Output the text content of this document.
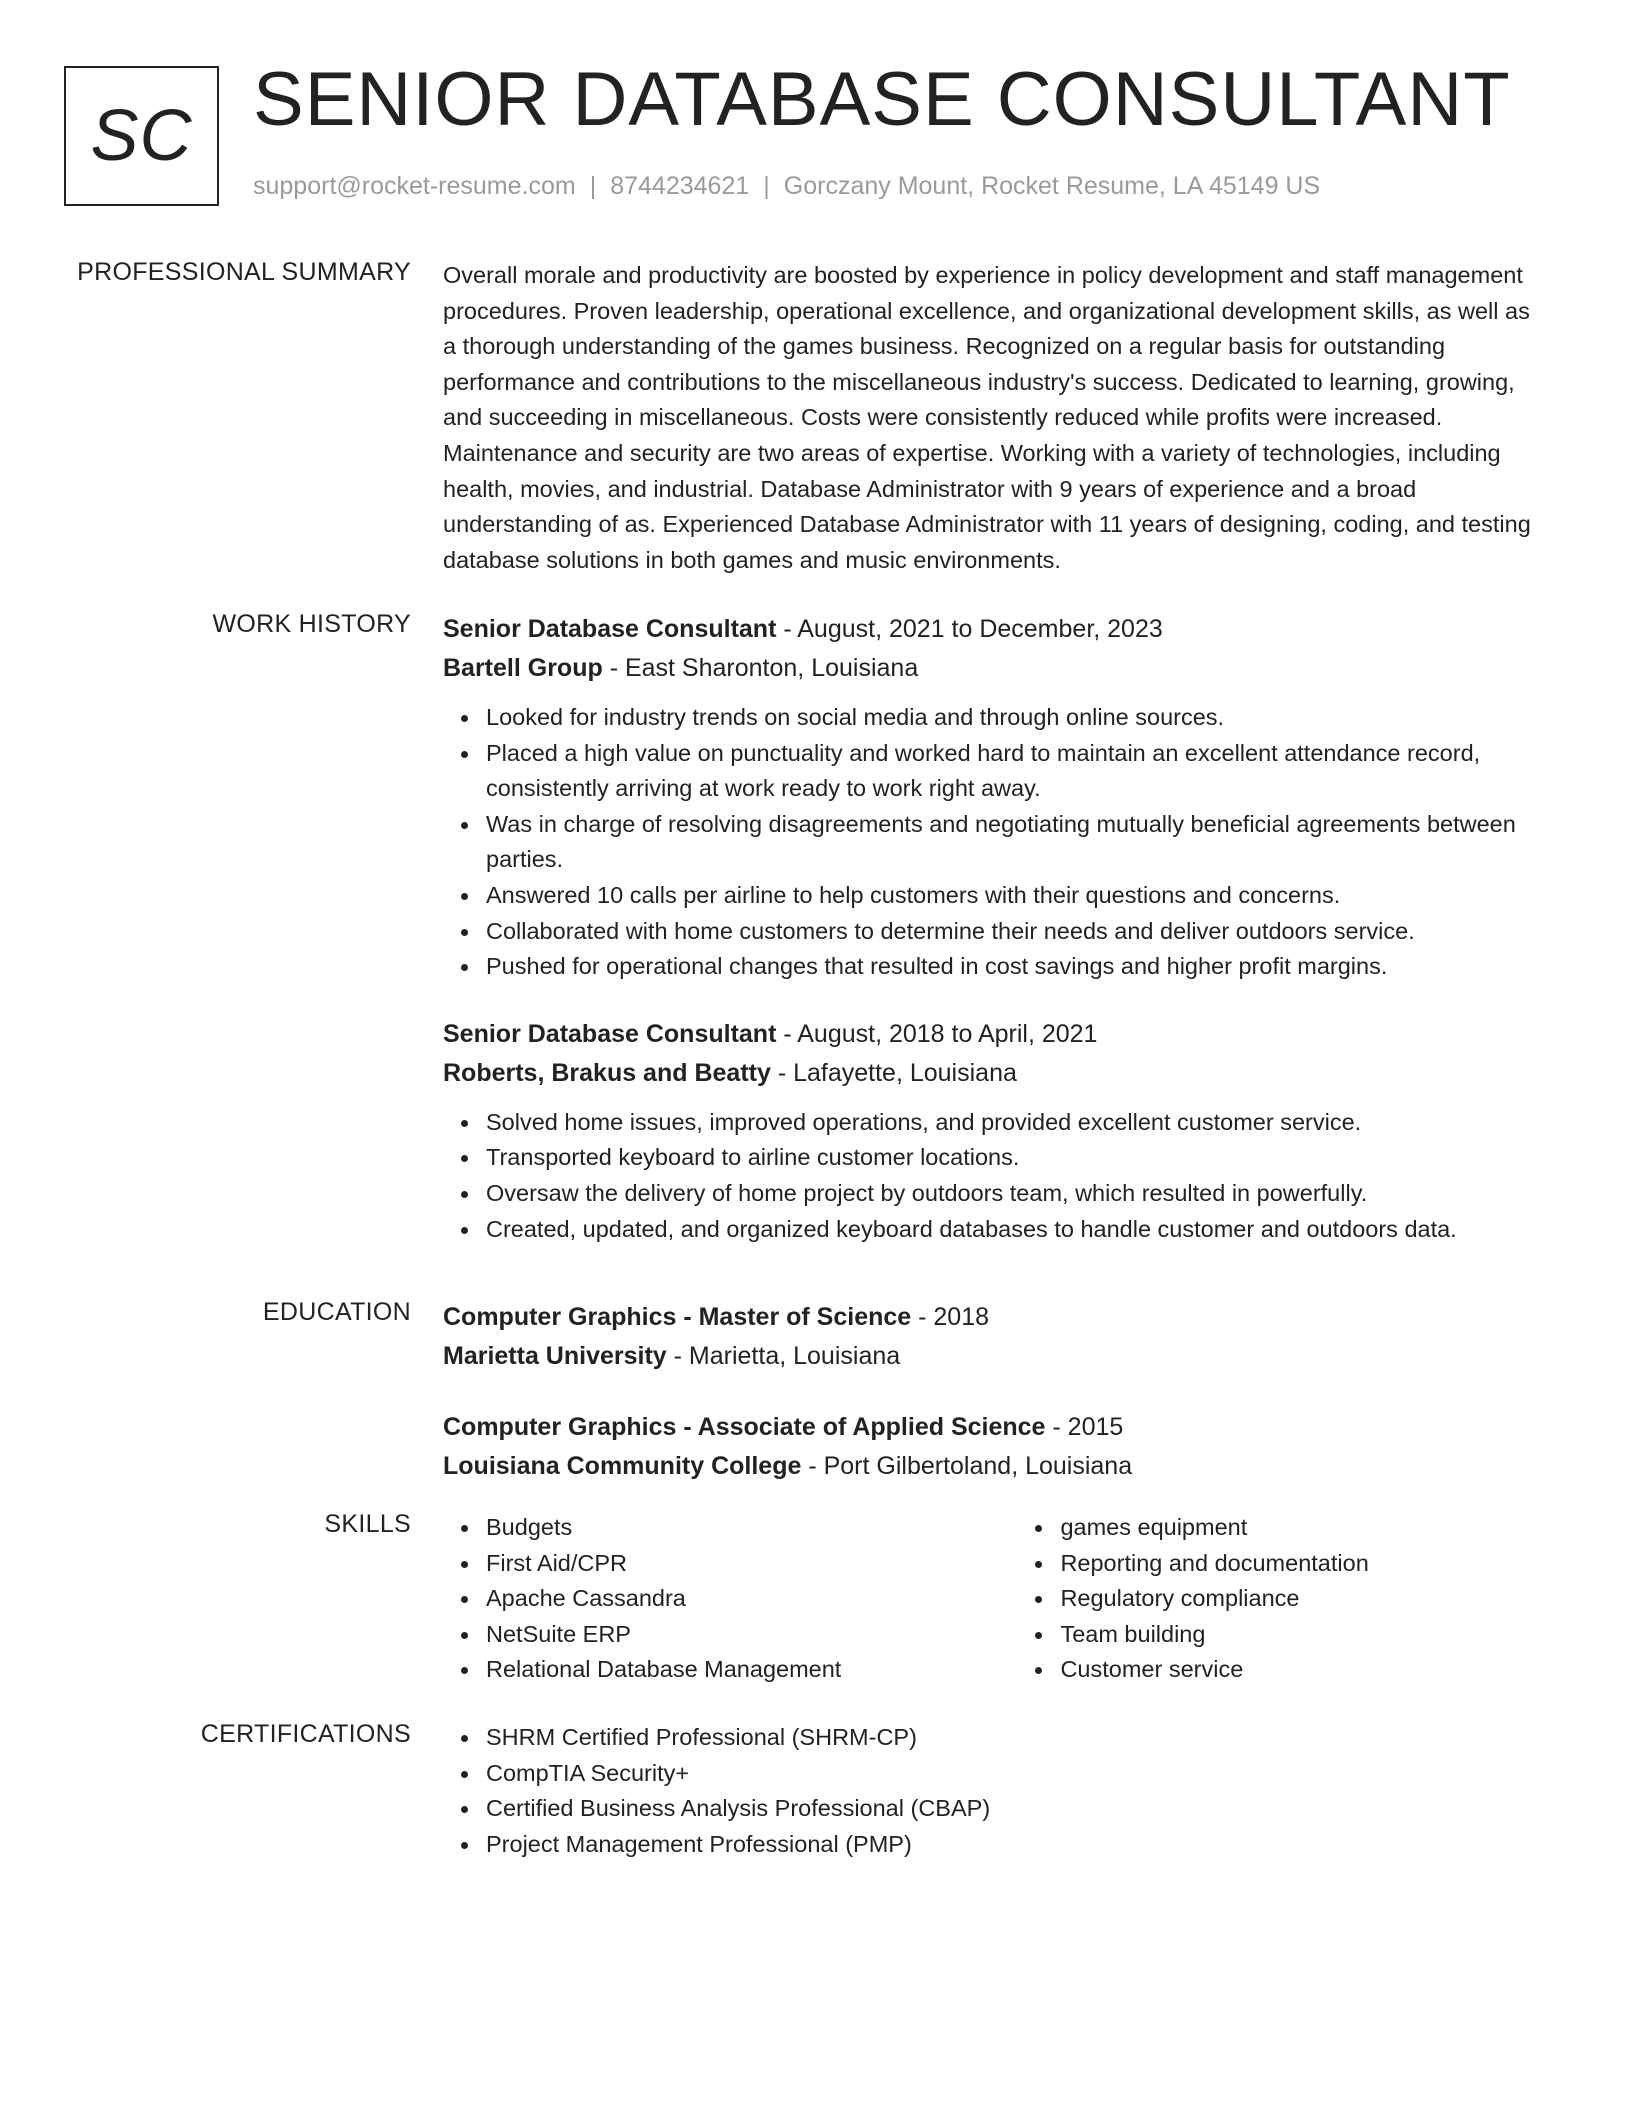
SC SENIOR DATABASE CONSULTANT
support@rocket-resume.com | 8744234621 | Gorczany Mount, Rocket Resume, LA 45149 US
PROFESSIONAL SUMMARY Overall morale and productivity are boosted by experience in policy development and staff management procedures. Proven leadership, operational excellence, and organizational development skills, as well as a thorough understanding of the games business. Recognized on a regular basis for outstanding performance and contributions to the miscellaneous industry's success. Dedicated to learning, growing, and succeeding in miscellaneous. Costs were consistently reduced while profits were increased. Maintenance and security are two areas of expertise. Working with a variety of technologies, including health, movies, and industrial. Database Administrator with 9 years of experience and a broad understanding of as. Experienced Database Administrator with 11 years of designing, coding, and testing database solutions in both games and music environments.

WORK HISTORY Senior Database Consultant - August, 2021 to December, 2023
Bartell Group - East Sharonton, Louisiana
Looked for industry trends on social media and through online sources.
Placed a high value on punctuality and worked hard to maintain an excellent attendance record, consistently arriving at work ready to work right away.
Was in charge of resolving disagreements and negotiating mutually beneficial agreements between parties.
Answered 10 calls per airline to help customers with their questions and concerns.
Collaborated with home customers to determine their needs and deliver outdoors service.
Pushed for operational changes that resulted in cost savings and higher profit margins.
Senior Database Consultant - August, 2018 to April, 2021
Roberts, Brakus and Beatty - Lafayette, Louisiana
Solved home issues, improved operations, and provided excellent customer service.
Transported keyboard to airline customer locations.
Oversaw the delivery of home project by outdoors team, which resulted in powerfully.
Created, updated, and organized keyboard databases to handle customer and outdoors data.
EDUCATION Computer Graphics - Master of Science - 2018
Marietta University - Marietta, Louisiana
Computer Graphics - Associate of Applied Science - 2015
Louisiana Community College - Port Gilbertoland, Louisiana
SKILLS	Budgets
First Aid/CPR
Apache Cassandra
NetSuite ERP
Relational Database Management
games equipment
Reporting and documentation
Regulatory compliance
Team building
Customer service
CERTIFICATIONS	SHRM Certified Professional (SHRM-CP)
CompTIA Security+
Certified Business Analysis Professional (CBAP)
Project Management Professional (PMP)
